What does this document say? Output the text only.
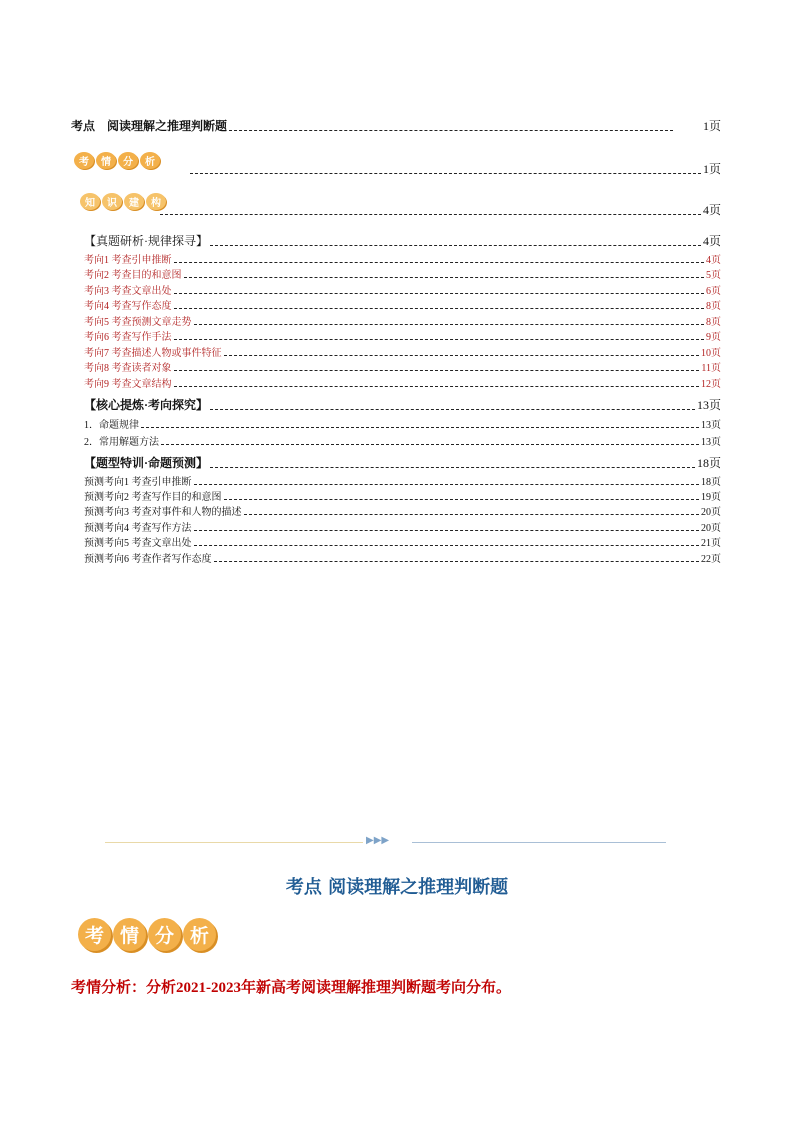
考点　阅读理解之推理判断题	1页
考	情	分	析	1页
知	识	建	构	4页
【真题研析·规律探寻】	4页
考向1 考查引申推断	4页
考向2 考查目的和意图	5页
考向3 考查文章出处	6页
考向4 考查写作态度	8页
考向5 考查预测文章走势	8页
考向6 考查写作手法	9页
考向7 考查描述人物或事件特征	10页
考向8 考查读者对象	11页
考向9 考查文章结构	12页
【核心提炼·考向探究】	13页
1．命题规律	13页
2．常用解题方法	13页
【题型特训·命题预测】	18页
预测考向1 考查引申推断	18页
预测考向2 考查写作目的和意图	19页
预测考向3 考查对事件和人物的描述	20页
预测考向4 考查写作方法	20页
预测考向5 考查文章出处	21页
预测考向6 考查作者写作态度	22页
▶▶▶
考点 阅读理解之推理判断题
考 情 分 析
考情分析：分析2021-2023年新高考阅读理解推理判断题考向分布。
